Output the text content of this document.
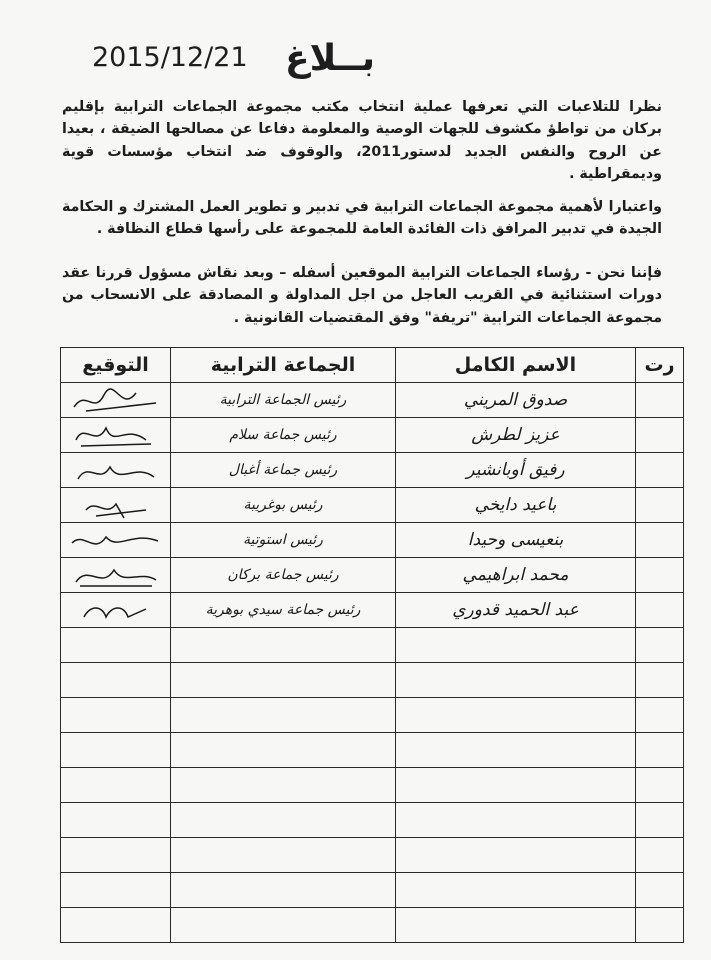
بــلاغ
2015/12/21
نظرا للتلاعبات التي تعرفها عملية انتخاب مكتب مجموعة الجماعات الترابية بإقليم بركان من تواطؤ مكشوف للجهات الوصية والمعلومة دفاعا عن مصالحها الضيقة ، بعيدا عن الروح والنفس الجديد لدستور2011، والوقوف ضد انتخاب مؤسسات قوية وديمقراطية .
واعتبارا لأهمية مجموعة الجماعات الترابية في تدبير و تطوير العمل المشترك و الحكامة الجيدة في تدبير المرافق ذات الفائدة العامة للمجموعة على رأسها قطاع النظافة .
فإننا نحن - رؤساء الجماعات الترابية الموقعين أسفله – وبعد نقاش مسؤول قررنا عقد دورات استثنائية في القريب العاجل من اجل المداولة و المصادقة على الانسحاب من مجموعة الجماعات الترابية "تريفة" وفق المقتضيات القانونية .
رت	الاسم الكامل	الجماعة الترابية	التوقيع
	صدوق المريني	رئيس الجماعة الترابية	

	عزيز لطرش	رئيس جماعة سلام	

	رفيق أوبانشير	رئيس جماعة أغبال	

	باعيد دايخي	رئيس بوغريبة	

	بنعيسى وحيدا	رئيس استوتية	

	محمد ابراهيمي	رئيس جماعة بركان	

	عبد الحميد قدوري	رئيس جماعة سيدي بوهرية	
